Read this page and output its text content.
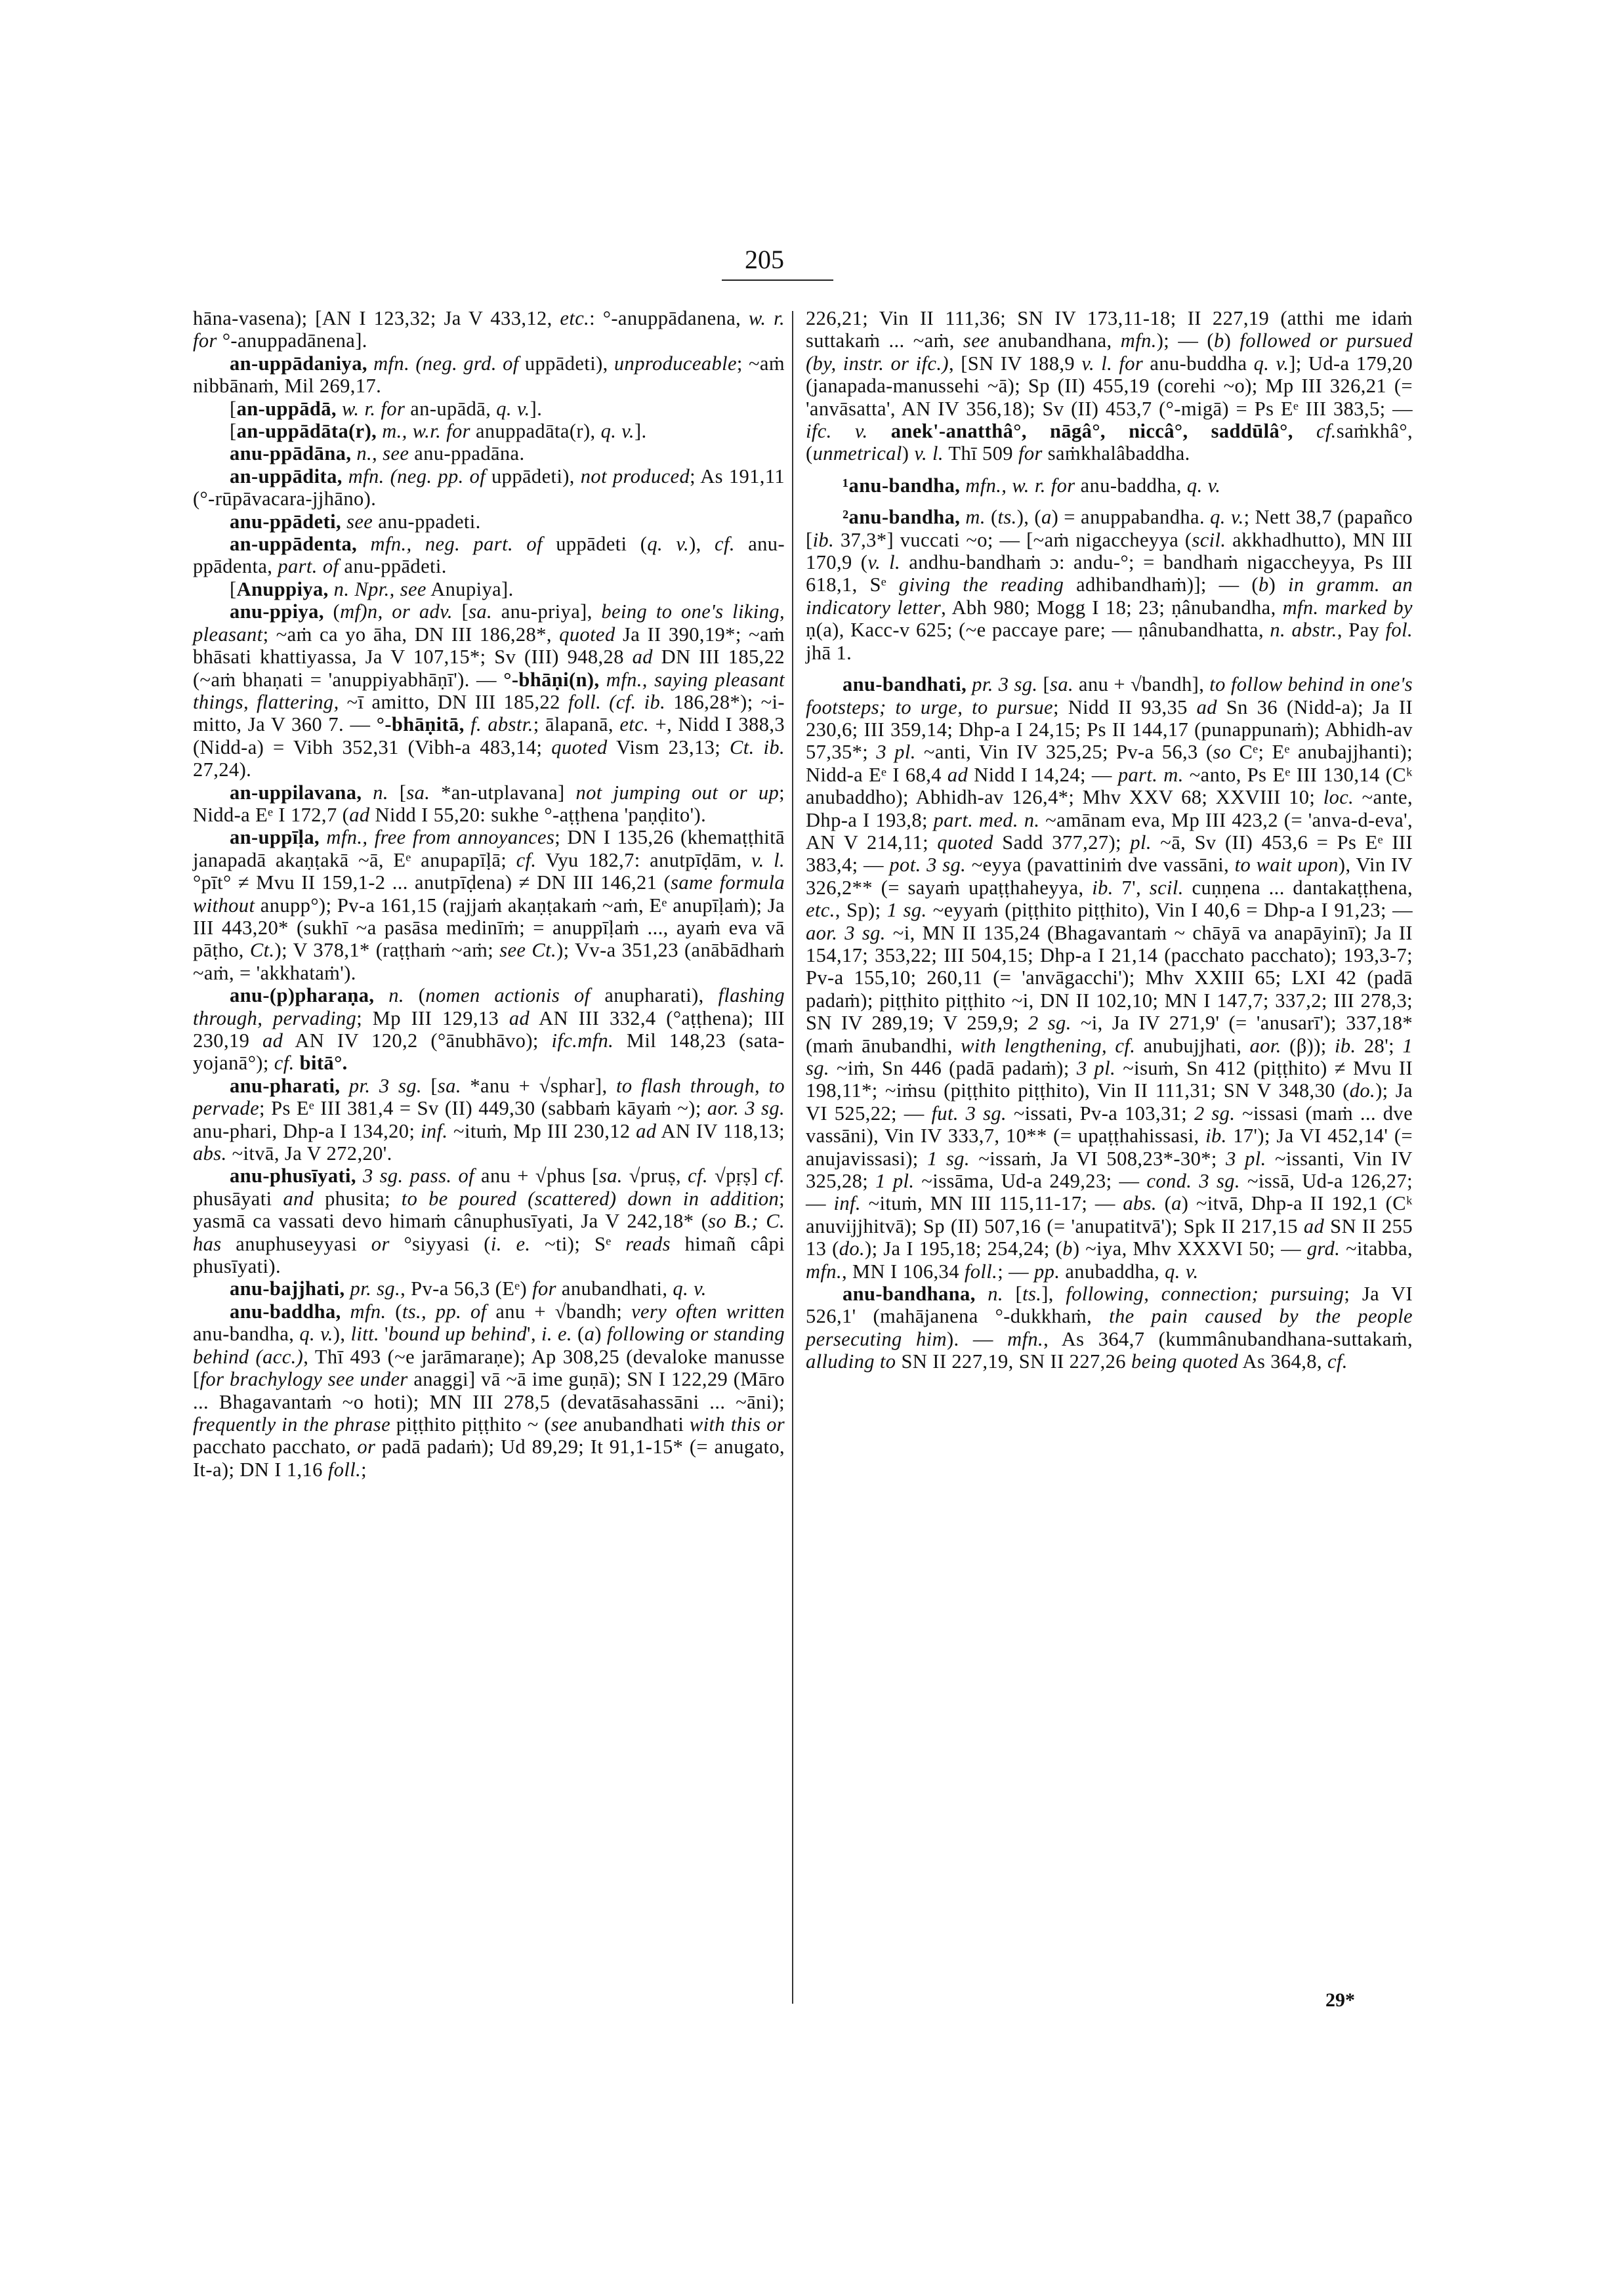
205

hāna-vasena); [AN I 123,32; Ja V 433,12, etc.: °-anuppādanena, w. r. for °-anuppadānena].

an-uppādaniya, mfn. (neg. grd. of uppādeti), unproduceable; ~aṁ nibbānaṁ, Mil 269,17.

[an-uppādā, w. r. for an-upādā, q. v.].

[an-uppādāta(r), m., w.r. for anuppadāta(r), q. v.].

anu-ppādāna, n., see anu-ppadāna.

an-uppādita, mfn. (neg. pp. of uppādeti), not produced; As 191,11 (°-rūpāvacara-jjhāno).

anu-ppādeti, see anu-ppadeti.

an-uppādenta, mfn., neg. part. of uppādeti (q. v.), cf. anu-ppādenta, part. of anu-ppādeti.

[Anuppiya, n. Npr., see Anupiya].

anu-ppiya, (mf)n, or adv. [sa. anu-priya], being to one's liking, pleasant; ~aṁ ca yo āha, DN III 186,28*, quoted Ja II 390,19*; ~aṁ bhāsati khattiyassa, Ja V 107,15*; Sv (III) 948,28 ad DN III 185,22 (~aṁ bhaṇati = 'anuppiyabhāṇī'). — °-bhāṇi(n), mfn., saying pleasant things, flattering, ~ī amitto, DN III 185,22 foll. (cf. ib. 186,28*); ~i-mitto, Ja V 360 7. — °-bhāṇitā, f. abstr.; ālapanā, etc. +, Nidd I 388,3 (Nidd-a) = Vibh 352,31 (Vibh-a 483,14; quoted Vism 23,13; Ct. ib. 27,24).

an-uppilavana, n. [sa. *an-utplavana] not jumping out or up; Nidd-a Eᵉ I 172,7 (ad Nidd I 55,20: sukhe °-aṭṭhena 'paṇḍito').

an-uppīḷa, mfn., free from annoyances; DN I 135,26 (khemaṭṭhitā janapadā akaṇṭakā ~ā, Eᵉ anupapīḷā; cf. Vyu 182,7: anutpīḍām, v. l. °pīt° ≠ Mvu II 159,1-2 ... anutpīḍena) ≠ DN III 146,21 (same formula without anupp°); Pv-a 161,15 (rajjaṁ akaṇṭakaṁ ~aṁ, Eᵉ anupīḷaṁ); Ja III 443,20* (sukhī ~a pasāsa medinīṁ; = anuppīḷaṁ ..., ayaṁ eva vā pāṭho, Ct.); V 378,1* (raṭṭhaṁ ~aṁ; see Ct.); Vv-a 351,23 (anābādhaṁ ~aṁ, = 'akkhataṁ').

anu-(p)pharaṇa, n. (nomen actionis of anupharati), flashing through, pervading; Mp III 129,13 ad AN III 332,4 (°aṭṭhena); III 230,19 ad AN IV 120,2 (°ānubhāvo); ifc.mfn. Mil 148,23 (sata-yojanā°); cf. bitā°.

anu-pharati, pr. 3 sg. [sa. *anu + √sphar], to flash through, to pervade; Ps Eᵉ III 381,4 = Sv (II) 449,30 (sabbaṁ kāyaṁ ~); aor. 3 sg. anu-phari, Dhp-a I 134,20; inf. ~ituṁ, Mp III 230,12 ad AN IV 118,13; abs. ~itvā, Ja V 272,20'.

anu-phusīyati, 3 sg. pass. of anu + √phus [sa. √pruṣ, cf. √pṛṣ] cf. phusāyati and phusita; to be poured (scattered) down in addition; yasmā ca vassati devo himaṁ cânuphusīyati, Ja V 242,18* (so B.; C. has anuphuseyyasi or °siyyasi (i. e. ~ti); Sᵉ reads himañ câpi phusīyati).

anu-bajjhati, pr. sg., Pv-a 56,3 (Eᵉ) for anubandhati, q. v.

anu-baddha, mfn. (ts., pp. of anu + √bandh; very often written anu-bandha, q. v.), litt. 'bound up behind', i. e. (a) following or standing behind (acc.), Thī 493 (~e jarāmaraṇe); Ap 308,25 (devaloke manusse [for brachylogy see under anaggi] vā ~ā ime guṇā); SN I 122,29 (Māro ... Bhagavantaṁ ~o hoti); MN III 278,5 (devatāsahassāni ... ~āni); frequently in the phrase piṭṭhito piṭṭhito ~ (see anubandhati with this or pacchato pacchato, or padā padaṁ); Ud 89,29; It 91,1-15* (= anugato, It-a); DN I 1,16 foll.;

226,21; Vin II 111,36; SN IV 173,11-18; II 227,19 (atthi me idaṁ suttakaṁ ... ~aṁ, see anubandhana, mfn.); — (b) followed or pursued (by, instr. or ifc.), [SN IV 188,9 v. l. for anu-buddha q. v.]; Ud-a 179,20 (janapada-manussehi ~ā); Sp (II) 455,19 (corehi ~o); Mp III 326,21 (= 'anvāsatta', AN IV 356,18); Sv (II) 453,7 (°-migā) = Ps Eᵉ III 383,5; — ifc. v. anek'-anatthâ°, nāgâ°, niccâ°, saddūlâ°, cf.saṁkhâ°, (unmetrical) v. l. Thī 509 for saṁkhalâbaddha.

¹anu-bandha, mfn., w. r. for anu-baddha, q. v.

²anu-bandha, m. (ts.), (a) = anuppabandha. q. v.; Nett 38,7 (papañco [ib. 37,3*] vuccati ~o; — [~aṁ nigaccheyya (scil. akkhadhutto), MN III 170,9 (v. l. andhu-bandhaṁ ɔ: andu-°; = bandhaṁ nigaccheyya, Ps III 618,1, Sᵉ giving the reading adhibandhaṁ)]; — (b) in gramm. an indicatory letter, Abh 980; Mogg I 18; 23; ṇânubandha, mfn. marked by ṇ(a), Kacc-v 625; (~e paccaye pare; — ṇânubandhatta, n. abstr., Pay fol. jhā 1.

anu-bandhati, pr. 3 sg. [sa. anu + √bandh], to follow behind in one's footsteps; to urge, to pursue; Nidd II 93,35 ad Sn 36 (Nidd-a); Ja II 230,6; III 359,14; Dhp-a I 24,15; Ps II 144,17 (punappunaṁ); Abhidh-av 57,35*; 3 pl. ~anti, Vin IV 325,25; Pv-a 56,3 (so Cᵉ; Eᵉ anubajjhanti); Nidd-a Eᵉ I 68,4 ad Nidd I 14,24; — part. m. ~anto, Ps Eᵉ III 130,14 (Cᵏ anubaddho); Abhidh-av 126,4*; Mhv XXV 68; XXVIII 10; loc. ~ante, Dhp-a I 193,8; part. med. n. ~amānam eva, Mp III 423,2 (= 'anva-d-eva', AN V 214,11; quoted Sadd 377,27); pl. ~ā, Sv (II) 453,6 = Ps Eᵉ III 383,4; — pot. 3 sg. ~eyya (pavattiniṁ dve vassāni, to wait upon), Vin IV 326,2** (= sayaṁ upaṭṭhaheyya, ib. 7', scil. cuṇṇena ... dantakaṭṭhena, etc., Sp); 1 sg. ~eyyaṁ (piṭṭhito piṭṭhito), Vin I 40,6 = Dhp-a I 91,23; — aor. 3 sg. ~i, MN II 135,24 (Bhagavantaṁ ~ chāyā va anapāyinī); Ja II 154,17; 353,22; III 504,15; Dhp-a I 21,14 (pacchato pacchato); 193,3-7; Pv-a 155,10; 260,11 (= 'anvāgacchi'); Mhv XXIII 65; LXI 42 (padā padaṁ); piṭṭhito piṭṭhito ~i, DN II 102,10; MN I 147,7; 337,2; III 278,3; SN IV 289,19; V 259,9; 2 sg. ~i, Ja IV 271,9' (= 'anusarī'); 337,18* (maṁ ānubandhi, with lengthening, cf. anubujjhati, aor. (β)); ib. 28'; 1 sg. ~iṁ, Sn 446 (padā padaṁ); 3 pl. ~isuṁ, Sn 412 (piṭṭhito) ≠ Mvu II 198,11*; ~iṁsu (piṭṭhito piṭṭhito), Vin II 111,31; SN V 348,30 (do.); Ja VI 525,22; — fut. 3 sg. ~issati, Pv-a 103,31; 2 sg. ~issasi (maṁ ... dve vassāni), Vin IV 333,7, 10** (= upaṭṭhahissasi, ib. 17'); Ja VI 452,14' (= anujavissasi); 1 sg. ~issaṁ, Ja VI 508,23*-30*; 3 pl. ~issanti, Vin IV 325,28; 1 pl. ~issāma, Ud-a 249,23; — cond. 3 sg. ~issā, Ud-a 126,27; — inf. ~ituṁ, MN III 115,11-17; — abs. (a) ~itvā, Dhp-a II 192,1 (Cᵏ anuvijjhitvā); Sp (II) 507,16 (= 'anupatitvā'); Spk II 217,15 ad SN II 255 13 (do.); Ja I 195,18; 254,24; (b) ~iya, Mhv XXXVI 50; — grd. ~itabba, mfn., MN I 106,34 foll.; — pp. anubaddha, q. v.

anu-bandhana, n. [ts.], following, connection; pursuing; Ja VI 526,1' (mahājanena °-dukkhaṁ, the pain caused by the people persecuting him). — mfn., As 364,7 (kummânubandhana-suttakaṁ, alluding to SN II 227,19, SN II 227,26 being quoted As 364,8, cf.

29*
